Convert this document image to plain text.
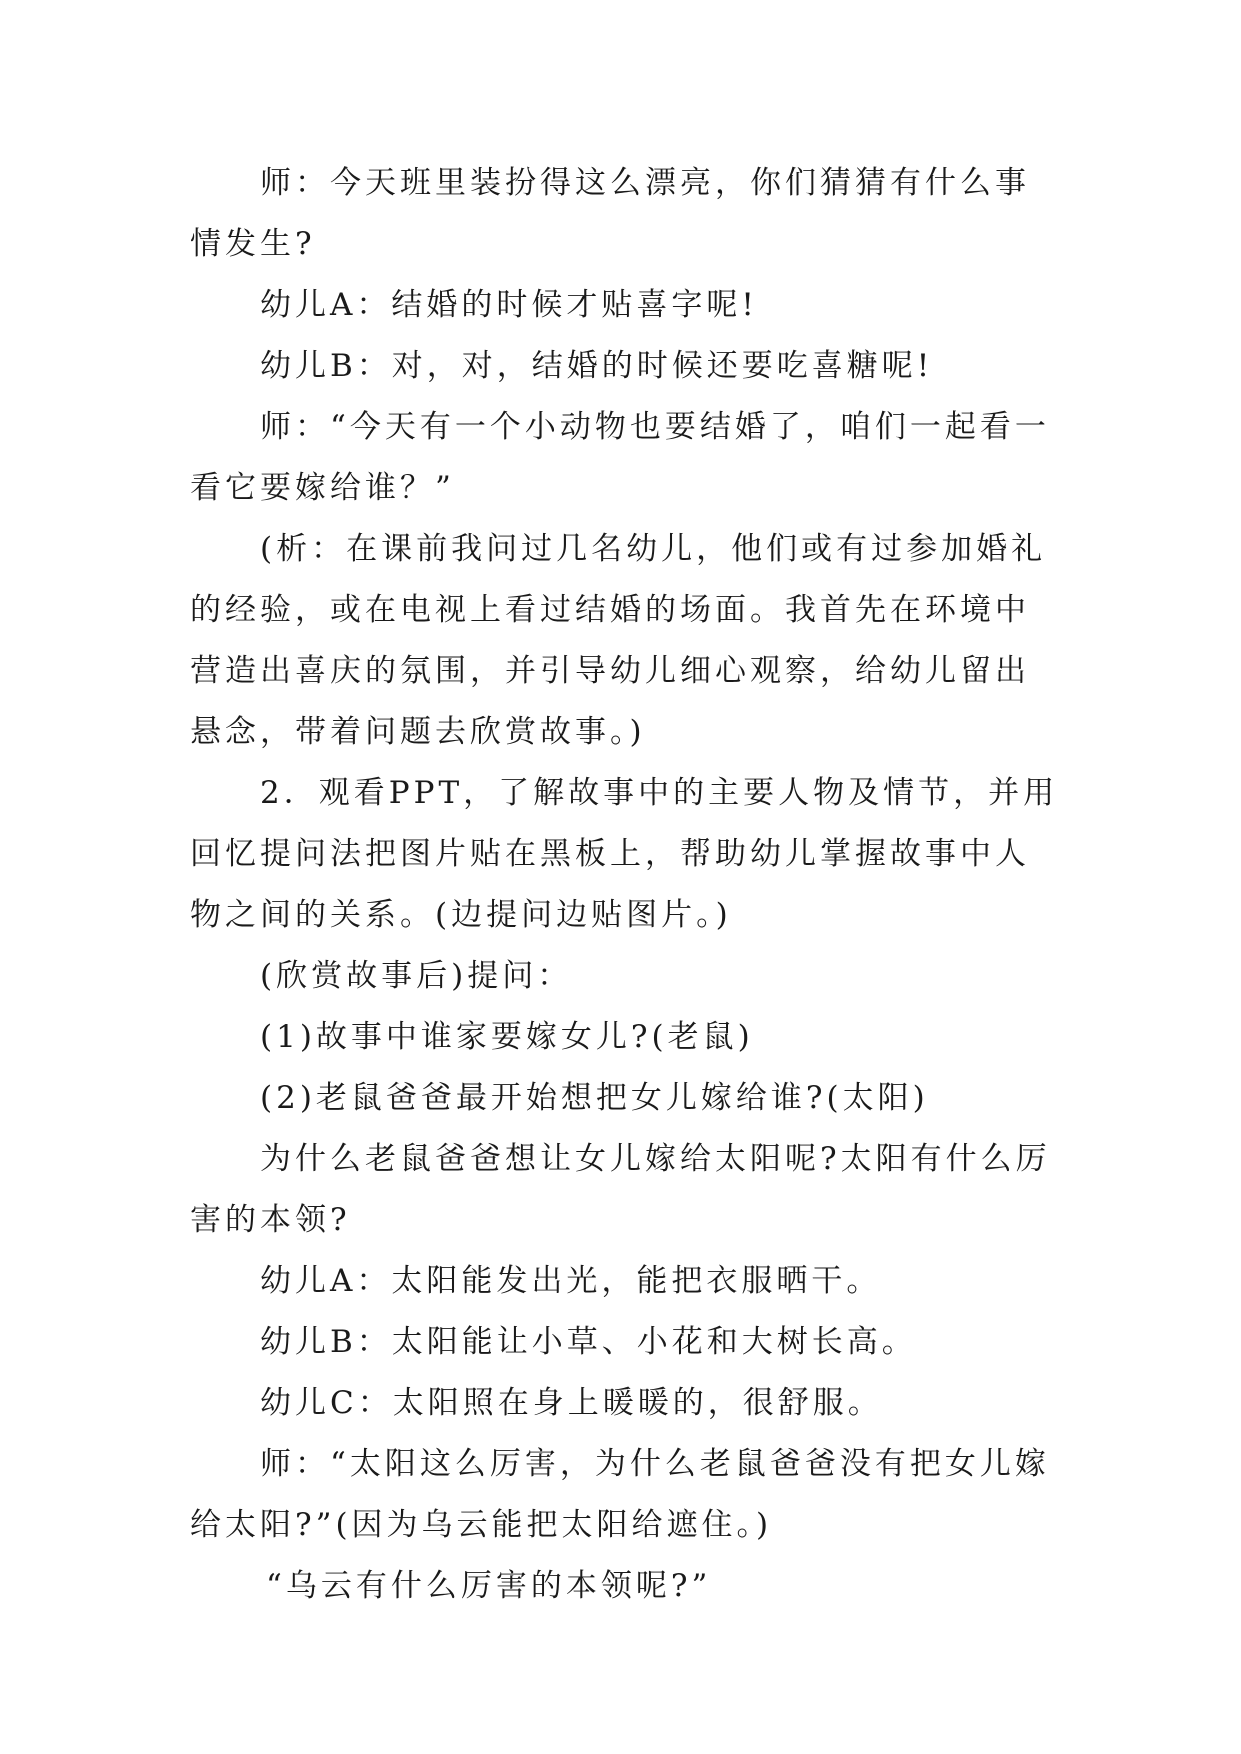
师：今天班里装扮得这么漂亮，你们猜猜有什么事情发生?

幼儿A：结婚的时候才贴喜字呢!

幼儿B：对，对，结婚的时候还要吃喜糖呢!

师：“今天有一个小动物也要结婚了，咱们一起看一看它要嫁给谁？”

(析：在课前我问过几名幼儿，他们或有过参加婚礼的经验，或在电视上看过结婚的场面。我首先在环境中营造出喜庆的氛围，并引导幼儿细心观察，给幼儿留出悬念，带着问题去欣赏故事。)

2．观看PPT，了解故事中的主要人物及情节，并用回忆提问法把图片贴在黑板上，帮助幼儿掌握故事中人物之间的关系。(边提问边贴图片。)

(欣赏故事后)提问：

(1)故事中谁家要嫁女儿?(老鼠)

(2)老鼠爸爸最开始想把女儿嫁给谁?(太阳)

为什么老鼠爸爸想让女儿嫁给太阳呢?太阳有什么厉害的本领?

幼儿A：太阳能发出光，能把衣服晒干。

幼儿B：太阳能让小草、小花和大树长高。

幼儿C：太阳照在身上暖暖的，很舒服。

师：“太阳这么厉害，为什么老鼠爸爸没有把女儿嫁给太阳?”(因为乌云能把太阳给遮住。)

“乌云有什么厉害的本领呢?”
